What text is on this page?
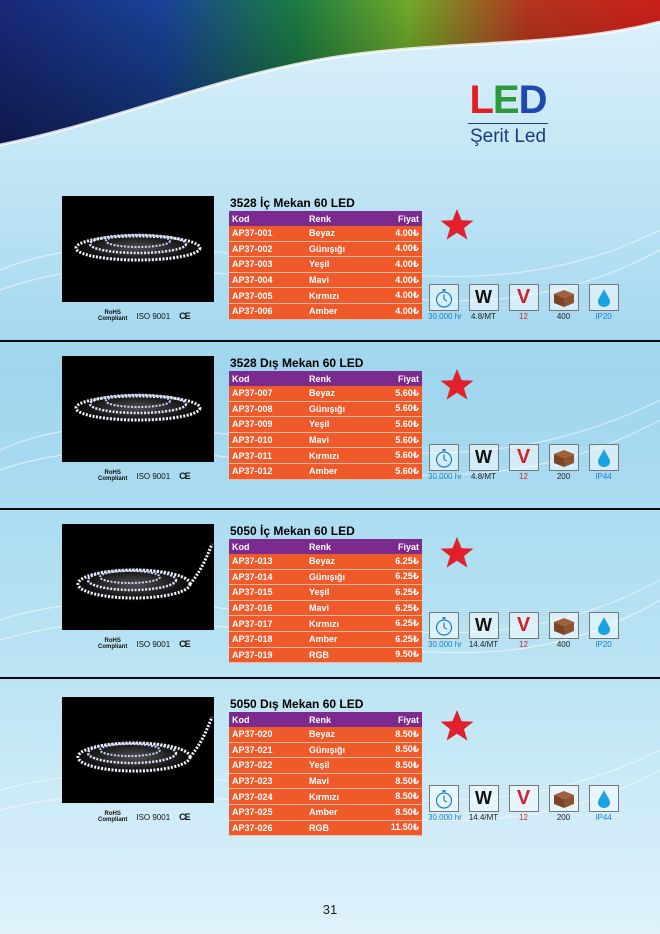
LED
Şerit Led
RoHS
Compliant ISO 9001 CE
3528 İç Mekan 60 LED
Kod	Renk	Fiyat
AP37-001	Beyaz	4.00₺
AP37-002	Günışığı	4.00₺
AP37-003	Yeşil	4.00₺
AP37-004	Mavi	4.00₺
AP37-005	Kırmızı	4.00₺
AP37-006	Amber	4.00₺
30.000 hr
W
4.8/MT
V
12	400	IP20
RoHS
Compliant ISO 9001 CE
3528 Dış Mekan 60 LED
Kod	Renk	Fiyat
AP37-007	Beyaz	5.60₺
AP37-008	Günışığı	5.60₺
AP37-009	Yeşil	5.60₺
AP37-010	Mavi	5.60₺
AP37-011	Kırmızı	5.60₺
AP37-012	Amber	5.60₺
30.000 hr
W
4.8/MT
V
12	200	IP44
RoHS
Compliant ISO 9001 CE
5050 İç Mekan 60 LED
Kod	Renk	Fiyat
AP37-013	Beyaz	6.25₺
AP37-014	Günışığı	6.25₺
AP37-015	Yeşil	6.25₺
AP37-016	Mavi	6.25₺
AP37-017	Kırmızı	6.25₺
AP37-018	Amber	6.25₺
AP37-019	RGB	9.50₺
30.000 hr
W
14.4/MT
V
12	400	IP20
RoHS
Compliant ISO 9001 CE
5050 Dış Mekan 60 LED
Kod	Renk	Fiyat
AP37-020	Beyaz	8.50₺
AP37-021	Günışığı	8.50₺
AP37-022	Yeşil	8.50₺
AP37-023	Mavi	8.50₺
AP37-024	Kırmızı	8.50₺
AP37-025	Amber	8.50₺
AP37-026	RGB	11.50₺
30.000 hr
W
14.4/MT
V
12	200	IP44
31
